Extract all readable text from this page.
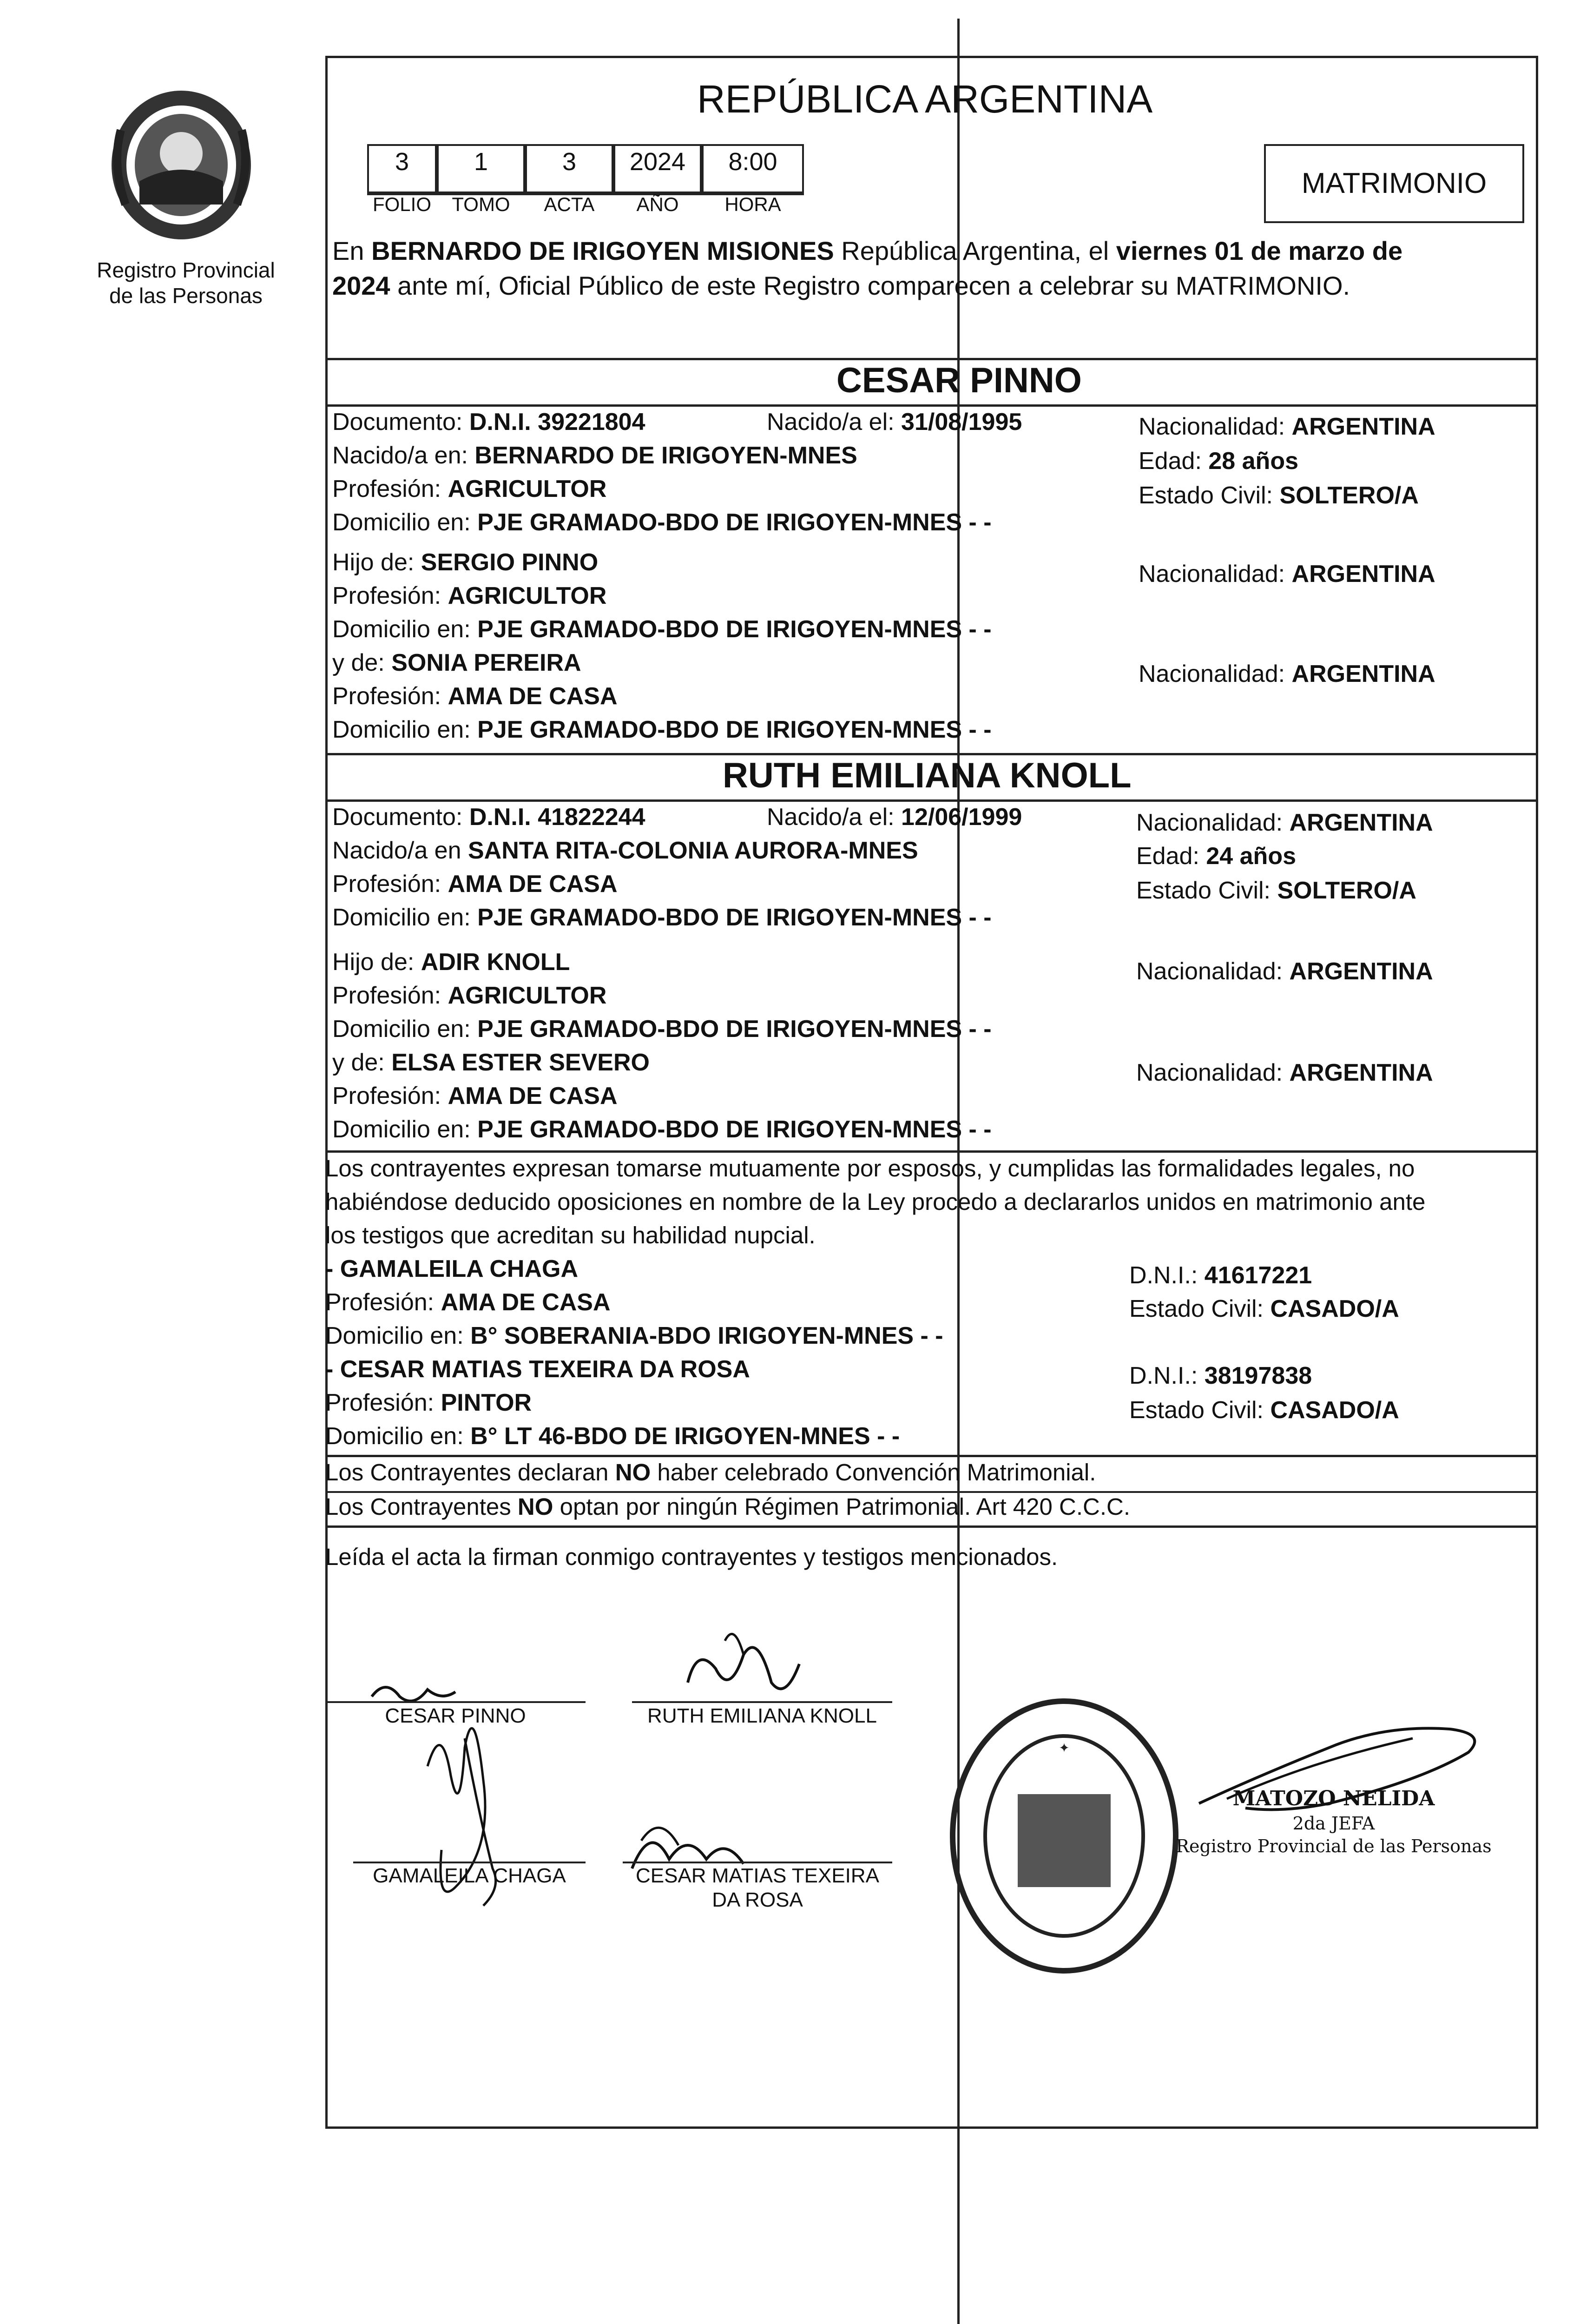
Registro Provincial
de las Personas
REPÚBLICA ARGENTINA
3	1	3	2024	8:00
FOLIO	TOMO	ACTA	AÑO	HORA
MATRIMONIO
En BERNARDO DE IRIGOYEN MISIONES República Argentina, el viernes 01 de marzo de
2024 ante mí, Oficial Público de este Registro comparecen a celebrar su MATRIMONIO.
CESAR PINNO
Documento: D.N.I. 39221804	Nacido/a el: 31/08/1995	Nacionalidad: ARGENTINA
Nacido/a en: BERNARDO DE IRIGOYEN-MNES	Edad: 28 años
Profesión: AGRICULTOR	Estado Civil: SOLTERO/A
Domicilio en: PJE GRAMADO-BDO DE IRIGOYEN-MNES - -
Hijo de: SERGIO PINNO	Nacionalidad: ARGENTINA
Profesión: AGRICULTOR
Domicilio en: PJE GRAMADO-BDO DE IRIGOYEN-MNES - -
y de: SONIA PEREIRA	Nacionalidad: ARGENTINA
Profesión: AMA DE CASA
Domicilio en: PJE GRAMADO-BDO DE IRIGOYEN-MNES - -
RUTH EMILIANA KNOLL
Documento: D.N.I. 41822244	Nacido/a el: 12/06/1999	Nacionalidad: ARGENTINA
Nacido/a en SANTA RITA-COLONIA AURORA-MNES	Edad: 24 años
Profesión: AMA DE CASA	Estado Civil: SOLTERO/A
Domicilio en: PJE GRAMADO-BDO DE IRIGOYEN-MNES - -
Hijo de: ADIR KNOLL	Nacionalidad: ARGENTINA
Profesión: AGRICULTOR
Domicilio en: PJE GRAMADO-BDO DE IRIGOYEN-MNES - -
y de: ELSA ESTER SEVERO	Nacionalidad: ARGENTINA
Profesión: AMA DE CASA
Domicilio en: PJE GRAMADO-BDO DE IRIGOYEN-MNES - -
Los contrayentes expresan tomarse mutuamente por esposos, y cumplidas las formalidades legales, no
habiéndose deducido oposiciones en nombre de la Ley procedo a declararlos unidos en matrimonio ante
los testigos que acreditan su habilidad nupcial.
- GAMALEILA CHAGA	D.N.I.: 41617221
Profesión: AMA DE CASA	Estado Civil: CASADO/A
Domicilio en: B° SOBERANIA-BDO IRIGOYEN-MNES - -
- CESAR MATIAS TEXEIRA DA ROSA	D.N.I.: 38197838
Profesión: PINTOR	Estado Civil: CASADO/A
Domicilio en: B° LT 46-BDO DE IRIGOYEN-MNES - -
Los Contrayentes declaran NO haber celebrado Convención Matrimonial.
Los Contrayentes NO optan por ningún Régimen Patrimonial. Art 420 C.C.C.
Leída el acta la firman conmigo contrayentes y testigos mencionados.
CESAR PINNO	RUTH EMILIANA KNOLL
GAMALEILA CHAGA	CESAR MATIAS TEXEIRA
DA ROSA
✦
MATOZO NELIDA
2da JEFA
Registro Provincial de las Personas
